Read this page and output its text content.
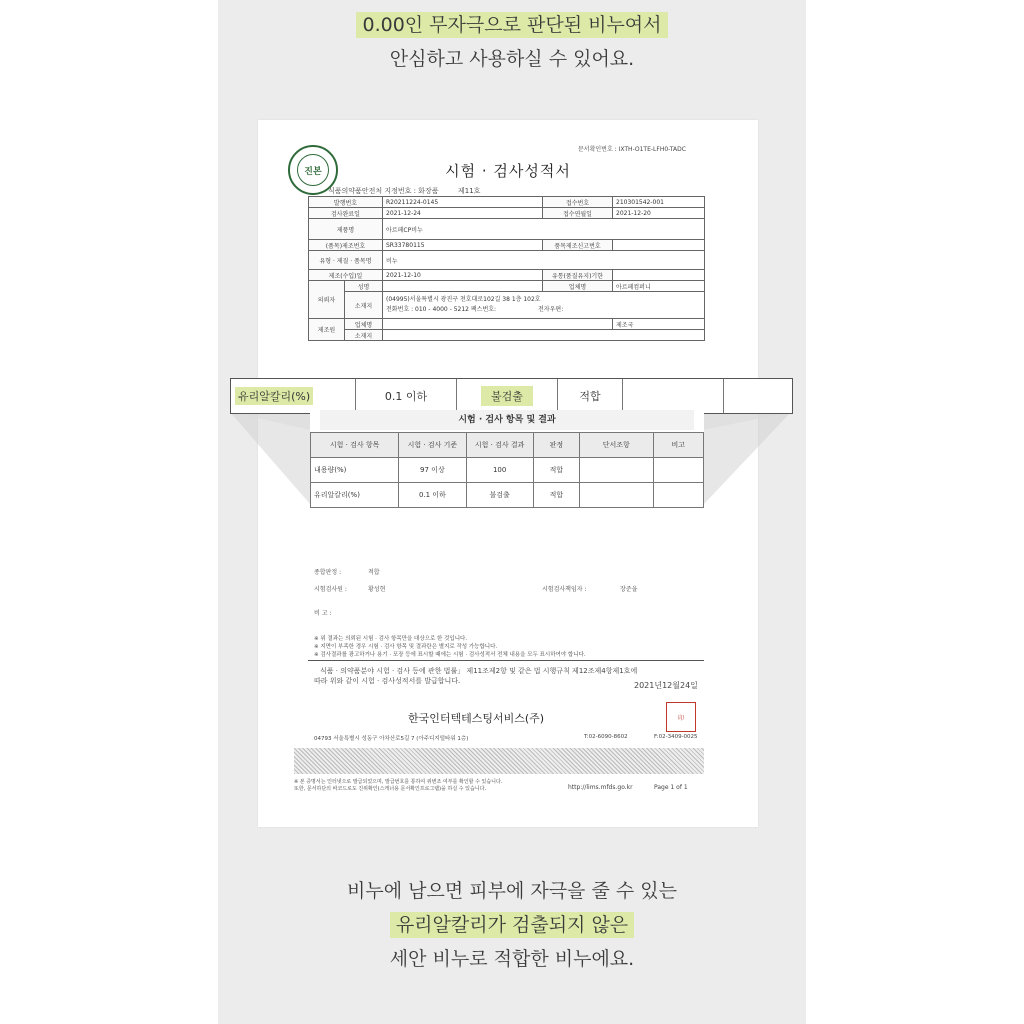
0.00인 무자극으로 판단된 비누여서
안심하고 사용하실 수 있어요.
문서확인번호 : IXTH-O1TE-LFH0-TADC
진본	시험 · 검사성적서
식품의약품안전처 지정번호 : 화장품	제11호
발행번호		R20211224-0145	접수번호	210301542-001
검사완료일		2021-12-24	접수연월일	2021-12-20
제품명		아르페CP비누		
(품목)제조번호		SR33780115	품목제조신고번호	
유형 · 제질 · 품목명		비누		
제조(수입)일		2021-12-10	유통(품질유지)기한	
의뢰자	성명		업체명	아르페컴퍼니
	소재지	(04995)서울특별시 광진구 천호대로102길 38 1층 102호
전화번호 : 010 - 4000 - 5212 팩스번호: 전자우편:		

제조원	업체명			제조국
	소재지			
종합판정 :	적합
시험검사원 :	황성현	시험검사책임자 :	장준을
비 고 :
※ 위 결과는 의뢰된 시험 · 검사 항목만을 대상으로 한 것입니다.
※ 지면이 부족한 경우 시험 · 검사 항목 및 결과란은 별지로 작성 가능합니다.
※ 검사결과를 광고하거나 용기 · 포장 등에 표시할 때에는 시험 · 검사성적서 전체 내용을 모두 표시하여야 합니다.
식품 · 의약품분야 시험 · 검사 등에 관한 법률」 제11조제2항 및 같은 법 시행규칙 제12조제4항제1호에
따라 위와 같이 시험 · 검사성적서를 발급합니다.	2021년12월24일
한국인터텍테스팅서비스(주)	印
04793 서울특별시 성동구 아차산로5길 7 (아주디지털타워 1층)	T:02-6090-8602	F:02-3409-0025
※ 본 증명서는 인터넷으로 발급되었으며, 발급번호를 통하여 위변조 여부를 확인할 수 있습니다.
또한, 문서하단의 바코드로도 진위확인(스캐너용 문서확인프로그램)을 하실 수 있습니다.	http://lims.mfds.go.kr	Page 1 of 1
유리알칼리(%)	0.1 이하	불검출	적합
시험 · 검사 항목 및 결과
시험 · 검사 항목	시험 · 검사 기준	시험 · 검사 결과	판정	단서조항	비고
내용량(%)	97 이상	100	적합		
유리알칼리(%)	0.1 이하	불검출	적합		
비누에 남으면 피부에 자극을 줄 수 있는
유리알칼리가 검출되지 않은
세안 비누로 적합한 비누에요.
